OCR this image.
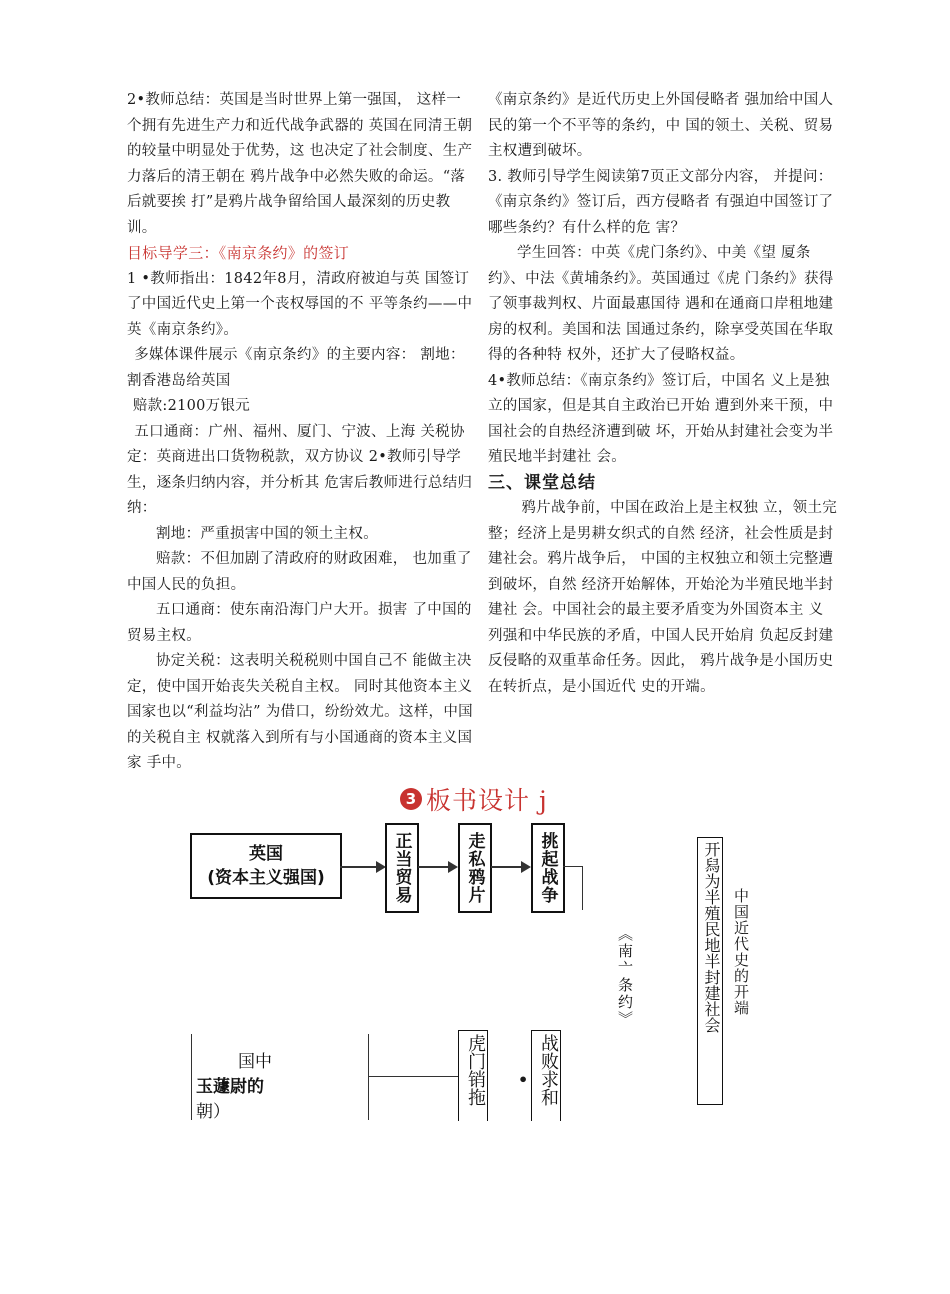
2•教师总结：英国是当时世界上第一强国， 这样一个拥有先进生产力和近代战争武器的 英国在同清王朝的较量中明显处于优势，这 也决定了社会制度、生产力落后的清王朝在 鸦片战争中必然失败的命运。“落后就要挨 打”是鸦片战争留给国人最深刻的历史教训。

目标导学三：《南京条约》的签订

1 •教师指出：1842年8月，清政府被迫与英 国签订了中国近代史上第一个丧权辱国的不 平等条约——中英《南京条约》。

多媒体课件展示《南京条约》的主要内容： 割地：割香港岛给英国

赔款:2100万银元

五口通商：广州、福州、厦门、宁波、上海 关税协定：英商进出口货物税款，双方协议 2•教师引导学生，逐条归纳内容，并分析其 危害后教师进行总结归纳：

割地：严重损害中国的领土主权。

赔款：不但加剧了清政府的财政困难， 也加重了中国人民的负担。

五口通商：使东南沿海门户大开。损害 了中国的贸易主权。

协定关税：这表明关税税则中国自己不 能做主决定，使中国开始丧失关税自主权。 同时其他资本主义国家也以“利益均沾” 为借口，纷纷效尤。这样，中国的关税自主 权就落入到所有与小国通商的资本主义国家 手中。

《南京条约》是近代历史上外国侵略者 强加给中国人民的第一个不平等的条约，中 国的领土、关税、贸易主权遭到破坏。

3. 教师引导学生阅读第7页正文部分内容， 并提问：《南京条约》签订后，西方侵略者 有强迫中国签订了哪些条约？有什么样的危 害？

学生回答：中英《虎门条约》、中美《望 厦条约》、中法《黄埔条约》。英国通过《虎 门条约》获得了领事裁判权、片面最惠国待 遇和在通商口岸租地建房的权利。美国和法 国通过条约，除享受英国在华取得的各种特 权外，还扩大了侵略权益。

4•教师总结：《南京条约》签订后，中国名 义上是独立的国家，但是其自主政治已开始 遭到外来干预，中国社会的自热经济遭到破 坏，开始从封建社会变为半殖民地半封建社 会。

三、课堂总结

鸦片战争前，中国在政治上是主权独 立，领土完整；经济上是男耕女织式的自然 经济，社会性质是封建社会。鸦片战争后， 中国的主权独立和领土完整遭到破坏，自然 经济开始解体，开始沦为半殖民地半封建社 会。中国社会的最主要矛盾变为外国资本主 义列强和中华民族的矛盾，中国人民开始肩 负起反封建反侵略的双重革命任务。因此， 鸦片战争是小国历史在转折点，是小国近代 史的开端。

3 板书设计 j
英国
(资本主义强国)	正当贸易	走私鸦片	挑起战争
《南亠条约》	开舄为半殖民地半封建社会 中国近代史的开端
国中
玉蘧尉的
朝）
虎门销拖 • 战败求和
